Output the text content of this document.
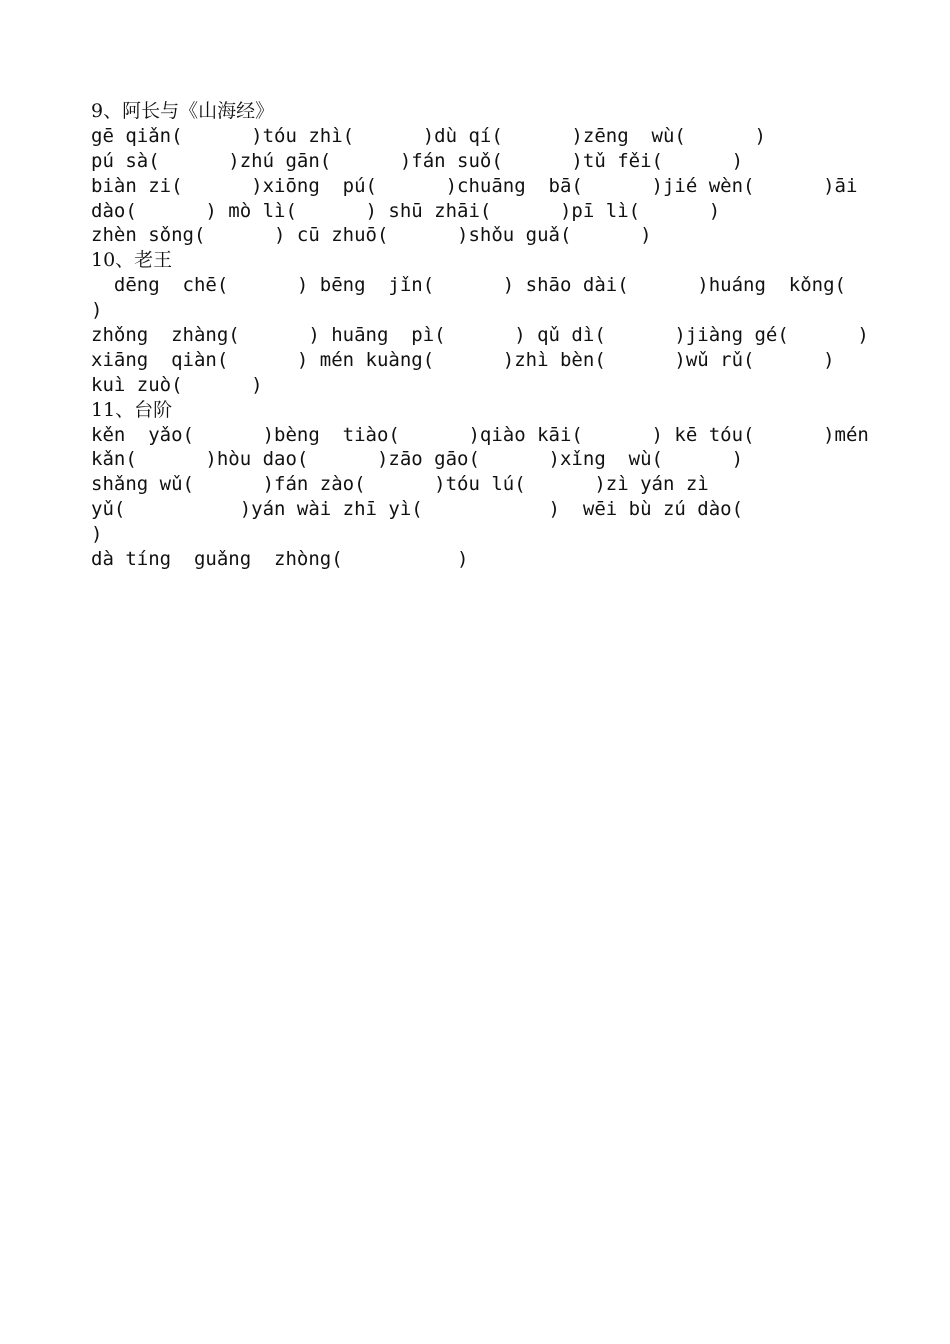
9、阿长与《山海经》

gē qiǎn(      )tóu zhì(      )dù qí(      )zēng  wù(      )

pú sà(      )zhú gān(      )fán suǒ(      )tǔ fěi(      )

biàn zi(      )xiōng  pú(      )chuāng  bā(      )jié wèn(      )āi

dào(      ) mò lì(      ) shū zhāi(      )pī lì(      )

zhèn sǒng(      ) cū zhuō(      )shǒu guǎ(      )

10、老王

dēng  chē(      ) bēng  jǐn(      ) shāo dài(      )huáng  kǒng(

)

zhǒng  zhàng(      ) huāng  pì(      ) qǔ dì(      )jiàng gé(      )

xiāng  qiàn(      ) mén kuàng(      )zhì bèn(      )wǔ rǔ(      )

kuì zuò(      )

11、台阶

kěn  yǎo(      )bèng  tiào(      )qiào kāi(      ) kē tóu(      )mén

kǎn(      )hòu dao(      )zāo gāo(      )xǐng  wù(      )

shǎng wǔ(      )fán zào(      )tóu lú(      )zì yán zì

yǔ(          )yán wài zhī yì(           )  wēi bù zú dào(

)

dà tíng  guǎng  zhòng(          )
